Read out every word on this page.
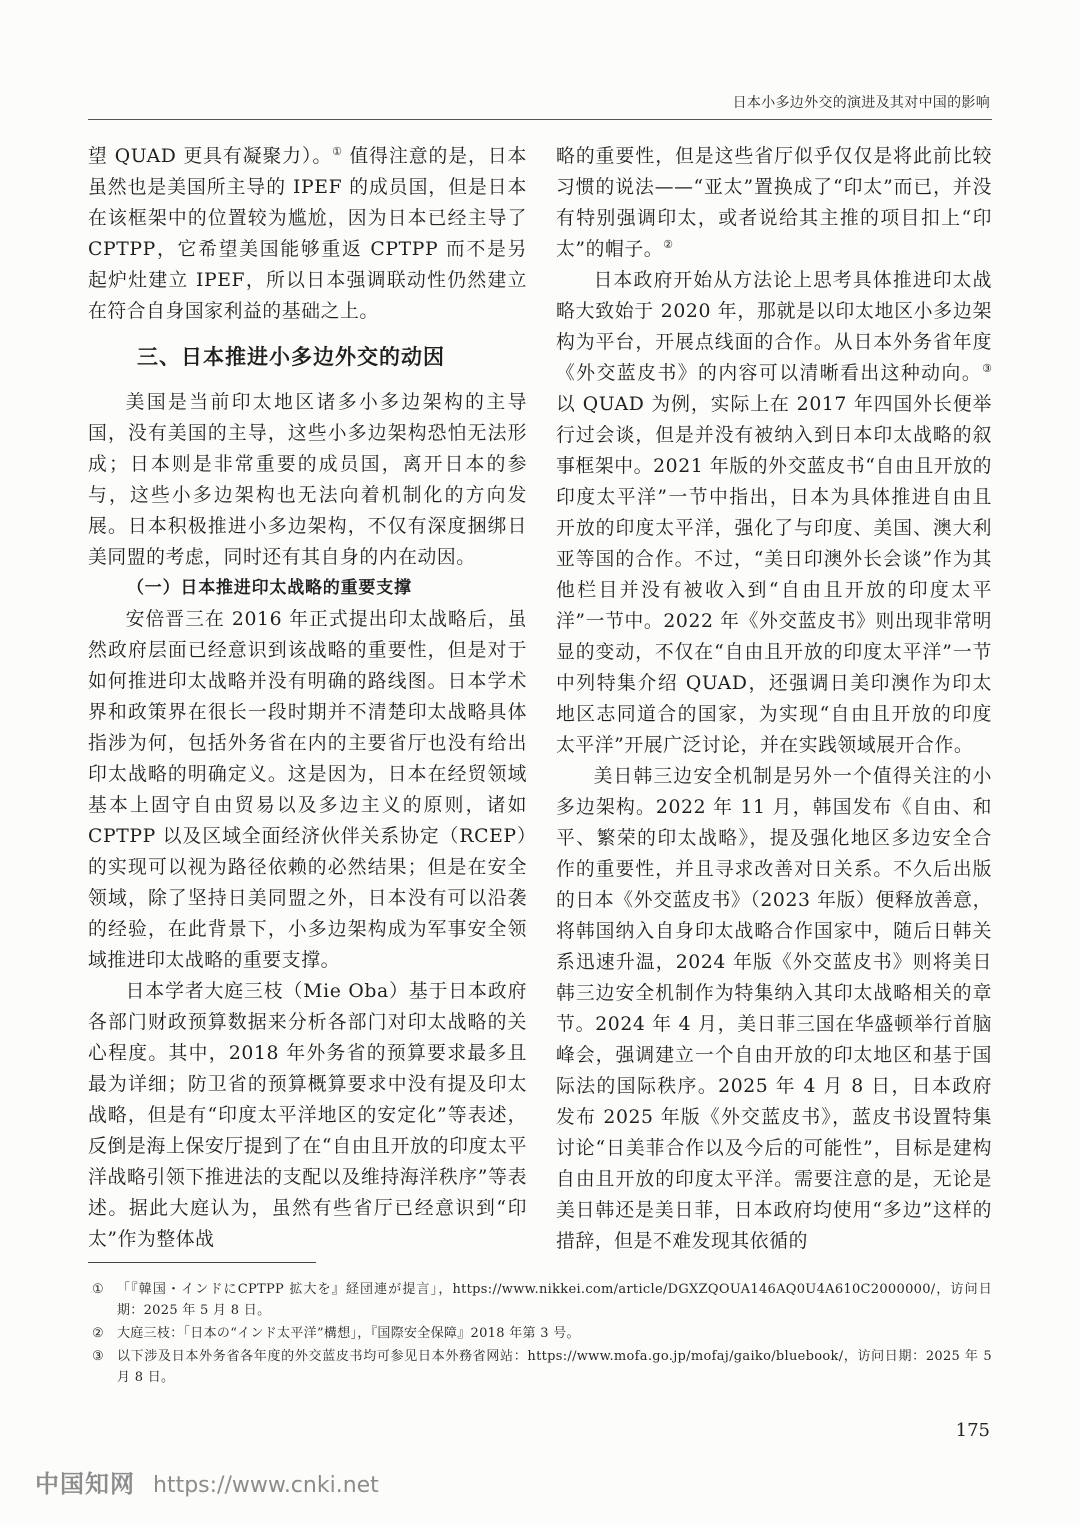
日本小多边外交的演进及其对中国的影响

望 QUAD 更具有凝聚力）。① 值得注意的是，日本虽然也是美国所主导的 IPEF 的成员国，但是日本在该框架中的位置较为尴尬，因为日本已经主导了 CPTPP，它希望美国能够重返 CPTPP 而不是另起炉灶建立 IPEF，所以日本强调联动性仍然建立在符合自身国家利益的基础之上。

三、日本推进小多边外交的动因

美国是当前印太地区诸多小多边架构的主导国，没有美国的主导，这些小多边架构恐怕无法形成；日本则是非常重要的成员国，离开日本的参与，这些小多边架构也无法向着机制化的方向发展。日本积极推进小多边架构，不仅有深度捆绑日美同盟的考虑，同时还有其自身的内在动因。

（一）日本推进印太战略的重要支撑

安倍晋三在 2016 年正式提出印太战略后，虽然政府层面已经意识到该战略的重要性，但是对于如何推进印太战略并没有明确的路线图。日本学术界和政策界在很长一段时期并不清楚印太战略具体指涉为何，包括外务省在内的主要省厅也没有给出印太战略的明确定义。这是因为，日本在经贸领域基本上固守自由贸易以及多边主义的原则，诸如 CPTPP 以及区域全面经济伙伴关系协定（RCEP）的实现可以视为路径依赖的必然结果；但是在安全领域，除了坚持日美同盟之外，日本没有可以沿袭的经验，在此背景下，小多边架构成为军事安全领域推进印太战略的重要支撑。

日本学者大庭三枝（Mie Oba）基于日本政府各部门财政预算数据来分析各部门对印太战略的关心程度。其中，2018 年外务省的预算要求最多且最为详细；防卫省的预算概算要求中没有提及印太战略，但是有“印度太平洋地区的安定化”等表述，反倒是海上保安厅提到了在“自由且开放的印度太平洋战略引领下推进法的支配以及维持海洋秩序”等表述。据此大庭认为，虽然有些省厅已经意识到“印太”作为整体战

略的重要性，但是这些省厅似乎仅仅是将此前比较习惯的说法——“亚太”置换成了“印太”而已，并没有特别强调印太，或者说给其主推的项目扣上“印太”的帽子。②

日本政府开始从方法论上思考具体推进印太战略大致始于 2020 年，那就是以印太地区小多边架构为平台，开展点线面的合作。从日本外务省年度《外交蓝皮书》的内容可以清晰看出这种动向。③ 以 QUAD 为例，实际上在 2017 年四国外长便举行过会谈，但是并没有被纳入到日本印太战略的叙事框架中。2021 年版的外交蓝皮书“自由且开放的印度太平洋”一节中指出，日本为具体推进自由且开放的印度太平洋，强化了与印度、美国、澳大利亚等国的合作。不过，“美日印澳外长会谈”作为其他栏目并没有被收入到“自由且开放的印度太平洋”一节中。2022 年《外交蓝皮书》则出现非常明显的变动，不仅在“自由且开放的印度太平洋”一节中列特集介绍 QUAD，还强调日美印澳作为印太地区志同道合的国家，为实现“自由且开放的印度太平洋”开展广泛讨论，并在实践领域展开合作。

美日韩三边安全机制是另外一个值得关注的小多边架构。2022 年 11 月，韩国发布《自由、和平、繁荣的印太战略》，提及强化地区多边安全合作的重要性，并且寻求改善对日关系。不久后出版的日本《外交蓝皮书》（2023 年版）便释放善意，将韩国纳入自身印太战略合作国家中，随后日韩关系迅速升温，2024 年版《外交蓝皮书》则将美日韩三边安全机制作为特集纳入其印太战略相关的章节。2024 年 4 月，美日菲三国在华盛顿举行首脑峰会，强调建立一个自由开放的印太地区和基于国际法的国际秩序。2025 年 4 月 8 日，日本政府发布 2025 年版《外交蓝皮书》，蓝皮书设置特集讨论“日美菲合作以及今后的可能性”，目标是建构自由且开放的印度太平洋。需要注意的是，无论是美日韩还是美日菲，日本政府均使用“多边”这样的措辞，但是不难发现其依循的

① 「『韓国・インドにCPTPP 拡大を』経団連が提言」，https://www.nikkei.com/article/DGXZQOUA146AQ0U4A610C2000000/，访问日期：2025 年 5 月 8 日。
② 大庭三枝：「日本の“インド太平洋”構想」，『国際安全保障』2018 年第 3 号。
③ 以下涉及日本外务省各年度的外交蓝皮书均可参见日本外務省网站：https://www.mofa.go.jp/mofaj/gaiko/bluebook/，访问日期：2025 年 5 月 8 日。
175
中国知网 https://www.cnki.net
